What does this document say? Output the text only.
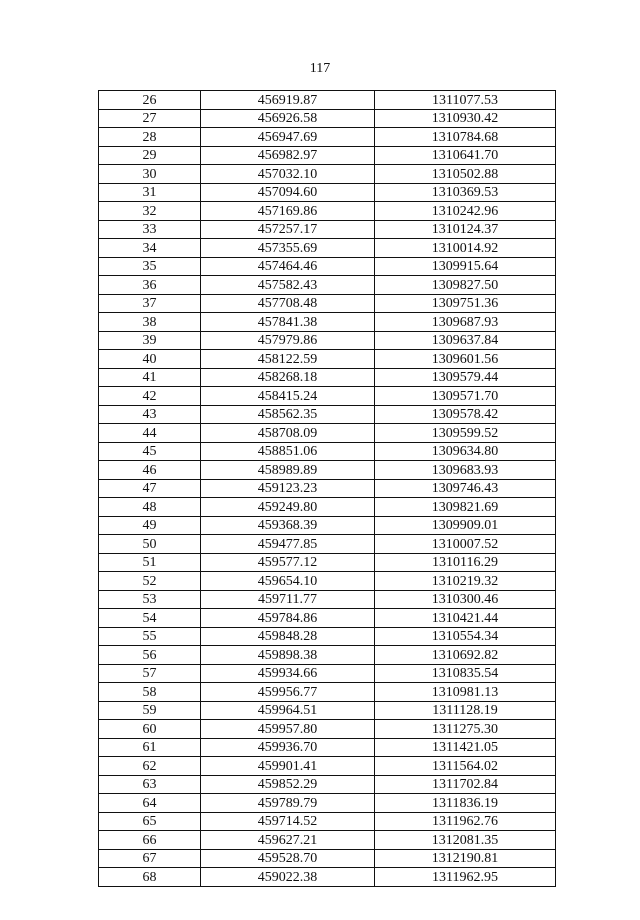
117
26	456919.87	1311077.53
27	456926.58	1310930.42
28	456947.69	1310784.68
29	456982.97	1310641.70
30	457032.10	1310502.88
31	457094.60	1310369.53
32	457169.86	1310242.96
33	457257.17	1310124.37
34	457355.69	1310014.92
35	457464.46	1309915.64
36	457582.43	1309827.50
37	457708.48	1309751.36
38	457841.38	1309687.93
39	457979.86	1309637.84
40	458122.59	1309601.56
41	458268.18	1309579.44
42	458415.24	1309571.70
43	458562.35	1309578.42
44	458708.09	1309599.52
45	458851.06	1309634.80
46	458989.89	1309683.93
47	459123.23	1309746.43
48	459249.80	1309821.69
49	459368.39	1309909.01
50	459477.85	1310007.52
51	459577.12	1310116.29
52	459654.10	1310219.32
53	459711.77	1310300.46
54	459784.86	1310421.44
55	459848.28	1310554.34
56	459898.38	1310692.82
57	459934.66	1310835.54
58	459956.77	1310981.13
59	459964.51	1311128.19
60	459957.80	1311275.30
61	459936.70	1311421.05
62	459901.41	1311564.02
63	459852.29	1311702.84
64	459789.79	1311836.19
65	459714.52	1311962.76
66	459627.21	1312081.35
67	459528.70	1312190.81
68	459022.38	1311962.95
